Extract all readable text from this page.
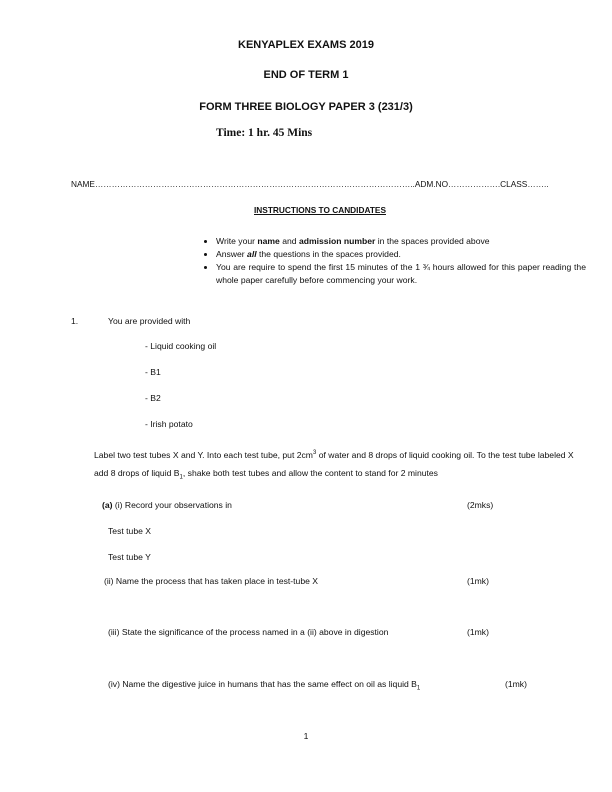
KENYAPLEX EXAMS 2019
END OF TERM 1
FORM THREE BIOLOGY PAPER 3 (231/3)
Time: 1 hr. 45 Mins
NAME……………………………………………………………………………………………………..ADM.NO……………….CLASS……..
INSTRUCTIONS TO CANDIDATES
• Write your name and admission number in the spaces provided above
• Answer all the questions in the spaces provided.
• You are require to spend the first 15 minutes of the 1 ¾ hours allowed for this paper reading the whole paper carefully before commencing your work.
1.	You are provided with
- Liquid cooking oil
- B1
- B2
- Irish potato
Label two test tubes X and Y. Into each test tube, put $2cm^3$ of water and 8 drops of liquid cooking oil. To the test tube labeled X add 8 drops of liquid $B_1$, shake both test tubes and allow the content to stand for 2 minutes
(a) (i) Record your observations in	(2mks)
Test tube X
Test tube Y
(ii) Name the process that has taken place in test-tube X	(1mk)
(iii) State the significance of the process named in a (ii) above in digestion	(1mk)
(iv) Name the digestive juice in humans that has the same effect on oil as liquid $B_1$	(1mk)
1
